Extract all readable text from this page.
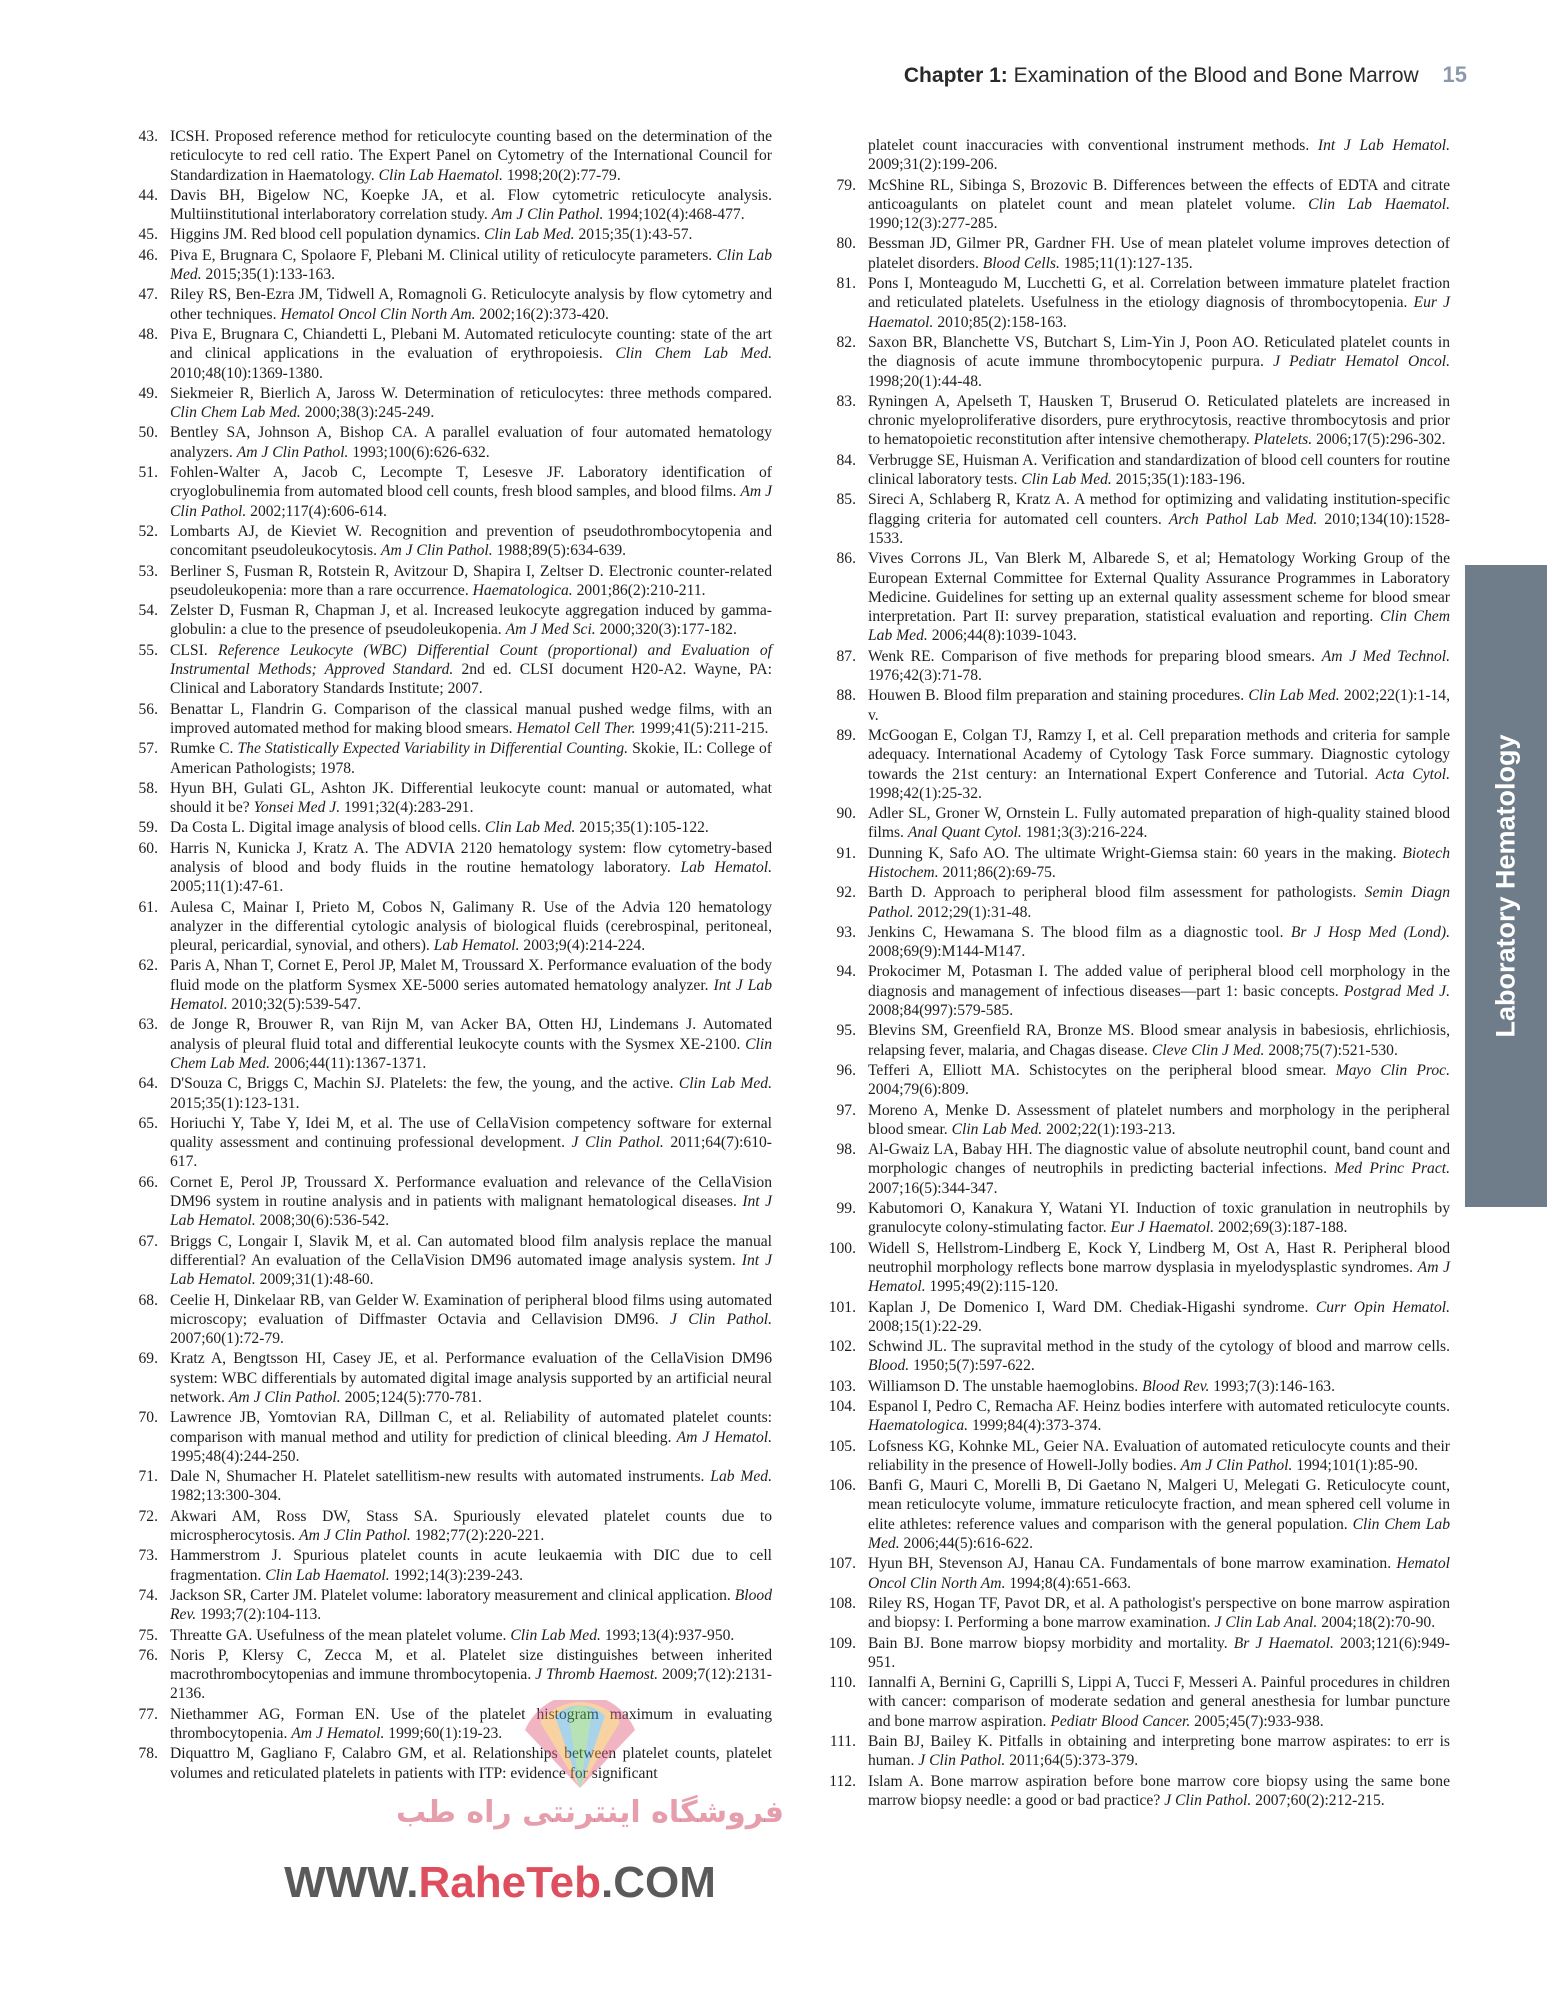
Chapter 1: Examination of the Blood and Bone Marrow 15
43. ICSH. Proposed reference method for reticulocyte counting based on the determination of the reticulocyte to red cell ratio. The Expert Panel on Cytometry of the International Council for Standardization in Haematology. Clin Lab Haematol. 1998;20(2):77-79.
44. Davis BH, Bigelow NC, Koepke JA, et al. Flow cytometric reticulocyte analysis. Multiinstitutional interlaboratory correlation study. Am J Clin Pathol. 1994;102(4):468-477.
45. Higgins JM. Red blood cell population dynamics. Clin Lab Med. 2015;35(1):43-57.
46. Piva E, Brugnara C, Spolaore F, Plebani M. Clinical utility of reticulocyte parameters. Clin Lab Med. 2015;35(1):133-163.
47. Riley RS, Ben-Ezra JM, Tidwell A, Romagnoli G. Reticulocyte analysis by flow cytometry and other techniques. Hematol Oncol Clin North Am. 2002;16(2):373-420.
48. Piva E, Brugnara C, Chiandetti L, Plebani M. Automated reticulocyte counting: state of the art and clinical applications in the evaluation of erythropoiesis. Clin Chem Lab Med. 2010;48(10):1369-1380.
49. Siekmeier R, Bierlich A, Jaross W. Determination of reticulocytes: three methods compared. Clin Chem Lab Med. 2000;38(3):245-249.
50. Bentley SA, Johnson A, Bishop CA. A parallel evaluation of four automated hematology analyzers. Am J Clin Pathol. 1993;100(6):626-632.
51. Fohlen-Walter A, Jacob C, Lecompte T, Lesesve JF. Laboratory identification of cryoglobulinemia from automated blood cell counts, fresh blood samples, and blood films. Am J Clin Pathol. 2002;117(4):606-614.
52. Lombarts AJ, de Kieviet W. Recognition and prevention of pseudothrombocytopenia and concomitant pseudoleukocytosis. Am J Clin Pathol. 1988;89(5):634-639.
53. Berliner S, Fusman R, Rotstein R, Avitzour D, Shapira I, Zeltser D. Electronic counter-related pseudoleukopenia: more than a rare occurrence. Haematologica. 2001;86(2):210-211.
54. Zelster D, Fusman R, Chapman J, et al. Increased leukocyte aggregation induced by gamma-globulin: a clue to the presence of pseudoleukopenia. Am J Med Sci. 2000;320(3):177-182.
55. CLSI. Reference Leukocyte (WBC) Differential Count (proportional) and Evaluation of Instrumental Methods; Approved Standard. 2nd ed. CLSI document H20-A2. Wayne, PA: Clinical and Laboratory Standards Institute; 2007.
56. Benattar L, Flandrin G. Comparison of the classical manual pushed wedge films, with an improved automated method for making blood smears. Hematol Cell Ther. 1999;41(5):211-215.
57. Rumke C. The Statistically Expected Variability in Differential Counting. Skokie, IL: College of American Pathologists; 1978.
58. Hyun BH, Gulati GL, Ashton JK. Differential leukocyte count: manual or automated, what should it be? Yonsei Med J. 1991;32(4):283-291.
59. Da Costa L. Digital image analysis of blood cells. Clin Lab Med. 2015;35(1):105-122.
60. Harris N, Kunicka J, Kratz A. The ADVIA 2120 hematology system: flow cytometry-based analysis of blood and body fluids in the routine hematology laboratory. Lab Hematol. 2005;11(1):47-61.
61. Aulesa C, Mainar I, Prieto M, Cobos N, Galimany R. Use of the Advia 120 hematology analyzer in the differential cytologic analysis of biological fluids (cerebrospinal, peritoneal, pleural, pericardial, synovial, and others). Lab Hematol. 2003;9(4):214-224.
62. Paris A, Nhan T, Cornet E, Perol JP, Malet M, Troussard X. Performance evaluation of the body fluid mode on the platform Sysmex XE-5000 series automated hematology analyzer. Int J Lab Hematol. 2010;32(5):539-547.
63. de Jonge R, Brouwer R, van Rijn M, van Acker BA, Otten HJ, Lindemans J. Automated analysis of pleural fluid total and differential leukocyte counts with the Sysmex XE-2100. Clin Chem Lab Med. 2006;44(11):1367-1371.
64. D'Souza C, Briggs C, Machin SJ. Platelets: the few, the young, and the active. Clin Lab Med. 2015;35(1):123-131.
65. Horiuchi Y, Tabe Y, Idei M, et al. The use of CellaVision competency software for external quality assessment and continuing professional development. J Clin Pathol. 2011;64(7):610-617.
66. Cornet E, Perol JP, Troussard X. Performance evaluation and relevance of the CellaVision DM96 system in routine analysis and in patients with malignant hematological diseases. Int J Lab Hematol. 2008;30(6):536-542.
67. Briggs C, Longair I, Slavik M, et al. Can automated blood film analysis replace the manual differential? An evaluation of the CellaVision DM96 automated image analysis system. Int J Lab Hematol. 2009;31(1):48-60.
68. Ceelie H, Dinkelaar RB, van Gelder W. Examination of peripheral blood films using automated microscopy; evaluation of Diffmaster Octavia and Cellavision DM96. J Clin Pathol. 2007;60(1):72-79.
69. Kratz A, Bengtsson HI, Casey JE, et al. Performance evaluation of the CellaVision DM96 system: WBC differentials by automated digital image analysis supported by an artificial neural network. Am J Clin Pathol. 2005;124(5):770-781.
70. Lawrence JB, Yomtovian RA, Dillman C, et al. Reliability of automated platelet counts: comparison with manual method and utility for prediction of clinical bleeding. Am J Hematol. 1995;48(4):244-250.
71. Dale N, Shumacher H. Platelet satellitism-new results with automated instruments. Lab Med. 1982;13:300-304.
72. Akwari AM, Ross DW, Stass SA. Spuriously elevated platelet counts due to microspherocytosis. Am J Clin Pathol. 1982;77(2):220-221.
73. Hammerstrom J. Spurious platelet counts in acute leukaemia with DIC due to cell fragmentation. Clin Lab Haematol. 1992;14(3):239-243.
74. Jackson SR, Carter JM. Platelet volume: laboratory measurement and clinical application. Blood Rev. 1993;7(2):104-113.
75. Threatte GA. Usefulness of the mean platelet volume. Clin Lab Med. 1993;13(4):937-950.
76. Noris P, Klersy C, Zecca M, et al. Platelet size distinguishes between inherited macrothrombocytopenias and immune thrombocytopenia. J Thromb Haemost. 2009;7(12):2131-2136.
77. Niethammer AG, Forman EN. Use of the platelet histogram maximum in evaluating thrombocytopenia. Am J Hematol. 1999;60(1):19-23.
78. Diquattro M, Gagliano F, Calabro GM, et al. Relationships between platelet counts, platelet volumes and reticulated platelets in patients with ITP: evidence for significant
platelet count inaccuracies with conventional instrument methods. Int J Lab Hematol. 2009;31(2):199-206.
79. McShine RL, Sibinga S, Brozovic B. Differences between the effects of EDTA and citrate anticoagulants on platelet count and mean platelet volume. Clin Lab Haematol. 1990;12(3):277-285.
80. Bessman JD, Gilmer PR, Gardner FH. Use of mean platelet volume improves detection of platelet disorders. Blood Cells. 1985;11(1):127-135.
81. Pons I, Monteagudo M, Lucchetti G, et al. Correlation between immature platelet fraction and reticulated platelets. Usefulness in the etiology diagnosis of thrombocytopenia. Eur J Haematol. 2010;85(2):158-163.
82. Saxon BR, Blanchette VS, Butchart S, Lim-Yin J, Poon AO. Reticulated platelet counts in the diagnosis of acute immune thrombocytopenic purpura. J Pediatr Hematol Oncol. 1998;20(1):44-48.
83. Ryningen A, Apelseth T, Hausken T, Bruserud O. Reticulated platelets are increased in chronic myeloproliferative disorders, pure erythrocytosis, reactive thrombocytosis and prior to hematopoietic reconstitution after intensive chemotherapy. Platelets. 2006;17(5):296-302.
84. Verbrugge SE, Huisman A. Verification and standardization of blood cell counters for routine clinical laboratory tests. Clin Lab Med. 2015;35(1):183-196.
85. Sireci A, Schlaberg R, Kratz A. A method for optimizing and validating institution-specific flagging criteria for automated cell counters. Arch Pathol Lab Med. 2010;134(10):1528-1533.
86. Vives Corrons JL, Van Blerk M, Albarede S, et al; Hematology Working Group of the European External Committee for External Quality Assurance Programmes in Laboratory Medicine. Guidelines for setting up an external quality assessment scheme for blood smear interpretation. Part II: survey preparation, statistical evaluation and reporting. Clin Chem Lab Med. 2006;44(8):1039-1043.
87. Wenk RE. Comparison of five methods for preparing blood smears. Am J Med Technol. 1976;42(3):71-78.
88. Houwen B. Blood film preparation and staining procedures. Clin Lab Med. 2002;22(1):1-14, v.
89. McGoogan E, Colgan TJ, Ramzy I, et al. Cell preparation methods and criteria for sample adequacy. International Academy of Cytology Task Force summary. Diagnostic cytology towards the 21st century: an International Expert Conference and Tutorial. Acta Cytol. 1998;42(1):25-32.
90. Adler SL, Groner W, Ornstein L. Fully automated preparation of high-quality stained blood films. Anal Quant Cytol. 1981;3(3):216-224.
91. Dunning K, Safo AO. The ultimate Wright-Giemsa stain: 60 years in the making. Biotech Histochem. 2011;86(2):69-75.
92. Barth D. Approach to peripheral blood film assessment for pathologists. Semin Diagn Pathol. 2012;29(1):31-48.
93. Jenkins C, Hewamana S. The blood film as a diagnostic tool. Br J Hosp Med (Lond). 2008;69(9):M144-M147.
94. Prokocimer M, Potasman I. The added value of peripheral blood cell morphology in the diagnosis and management of infectious diseases—part 1: basic concepts. Postgrad Med J. 2008;84(997):579-585.
95. Blevins SM, Greenfield RA, Bronze MS. Blood smear analysis in babesiosis, ehrlichiosis, relapsing fever, malaria, and Chagas disease. Cleve Clin J Med. 2008;75(7):521-530.
96. Tefferi A, Elliott MA. Schistocytes on the peripheral blood smear. Mayo Clin Proc. 2004;79(6):809.
97. Moreno A, Menke D. Assessment of platelet numbers and morphology in the peripheral blood smear. Clin Lab Med. 2002;22(1):193-213.
98. Al-Gwaiz LA, Babay HH. The diagnostic value of absolute neutrophil count, band count and morphologic changes of neutrophils in predicting bacterial infections. Med Princ Pract. 2007;16(5):344-347.
99. Kabutomori O, Kanakura Y, Watani YI. Induction of toxic granulation in neutrophils by granulocyte colony-stimulating factor. Eur J Haematol. 2002;69(3):187-188.
100. Widell S, Hellstrom-Lindberg E, Kock Y, Lindberg M, Ost A, Hast R. Peripheral blood neutrophil morphology reflects bone marrow dysplasia in myelodysplastic syndromes. Am J Hematol. 1995;49(2):115-120.
101. Kaplan J, De Domenico I, Ward DM. Chediak-Higashi syndrome. Curr Opin Hematol. 2008;15(1):22-29.
102. Schwind JL. The supravital method in the study of the cytology of blood and marrow cells. Blood. 1950;5(7):597-622.
103. Williamson D. The unstable haemoglobins. Blood Rev. 1993;7(3):146-163.
104. Espanol I, Pedro C, Remacha AF. Heinz bodies interfere with automated reticulocyte counts. Haematologica. 1999;84(4):373-374.
105. Lofsness KG, Kohnke ML, Geier NA. Evaluation of automated reticulocyte counts and their reliability in the presence of Howell-Jolly bodies. Am J Clin Pathol. 1994;101(1):85-90.
106. Banfi G, Mauri C, Morelli B, Di Gaetano N, Malgeri U, Melegati G. Reticulocyte count, mean reticulocyte volume, immature reticulocyte fraction, and mean sphered cell volume in elite athletes: reference values and comparison with the general population. Clin Chem Lab Med. 2006;44(5):616-622.
107. Hyun BH, Stevenson AJ, Hanau CA. Fundamentals of bone marrow examination. Hematol Oncol Clin North Am. 1994;8(4):651-663.
108. Riley RS, Hogan TF, Pavot DR, et al. A pathologist's perspective on bone marrow aspiration and biopsy: I. Performing a bone marrow examination. J Clin Lab Anal. 2004;18(2):70-90.
109. Bain BJ. Bone marrow biopsy morbidity and mortality. Br J Haematol. 2003;121(6):949-951.
110. Iannalfi A, Bernini G, Caprilli S, Lippi A, Tucci F, Messeri A. Painful procedures in children with cancer: comparison of moderate sedation and general anesthesia for lumbar puncture and bone marrow aspiration. Pediatr Blood Cancer. 2005;45(7):933-938.
111. Bain BJ, Bailey K. Pitfalls in obtaining and interpreting bone marrow aspirates: to err is human. J Clin Pathol. 2011;64(5):373-379.
112. Islam A. Bone marrow aspiration before bone marrow core biopsy using the same bone marrow biopsy needle: a good or bad practice? J Clin Pathol. 2007;60(2):212-215.
Laboratory Hematology
فروشگاه اینترنتی راه طب
WWW.RaheTeb.COM
